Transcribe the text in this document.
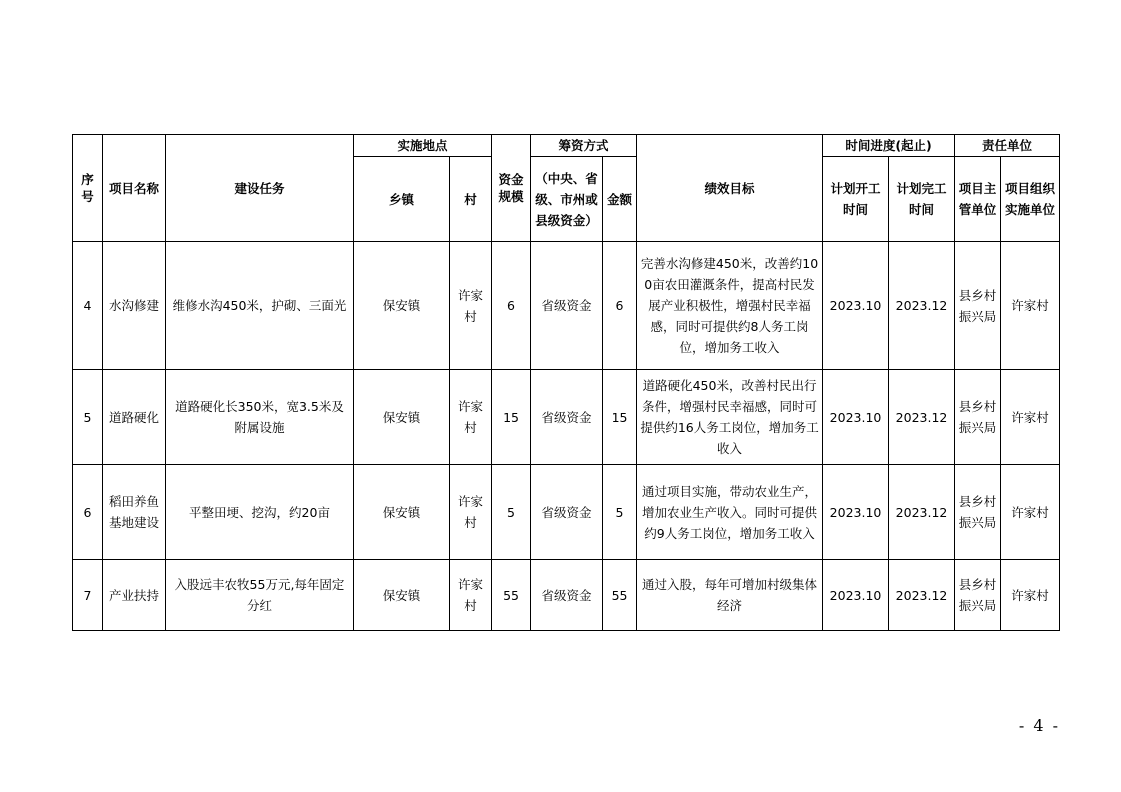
序号	项目名称	建设任务	实施地点		资金规模	筹资方式		绩效目标	时间进度(起止)		责任单位	
			乡镇	村		（中央、省级、市州或县级资金）	金额		计划开工时间	计划完工时间	项目主管单位	项目组织实施单位
4	水沟修建	维修水沟450米，护砌、三面光	保安镇	许家村	6	省级资金	6	完善水沟修建450米，改善约100亩农田灌溉条件，提高村民发展产业积极性，增强村民幸福感，同时可提供约8人务工岗位，增加务工收入	2023.10	2023.12	县乡村振兴局	许家村
5	道路硬化	道路硬化长350米，宽3.5米及附属设施	保安镇	许家村	15	省级资金	15	道路硬化450米，改善村民出行条件，增强村民幸福感，同时可提供约16人务工岗位，增加务工收入	2023.10	2023.12	县乡村振兴局	许家村
6	稻田养鱼基地建设	平整田埂、挖沟，约20亩	保安镇	许家村	5	省级资金	5	通过项目实施，带动农业生产，增加农业生产收入。同时可提供约9人务工岗位，增加务工收入	2023.10	2023.12	县乡村振兴局	许家村
7	产业扶持	入股远丰农牧55万元,每年固定分红	保安镇	许家村	55	省级资金	55	通过入股，每年可增加村级集体经济	2023.10	2023.12	县乡村振兴局	许家村
- 4 -
